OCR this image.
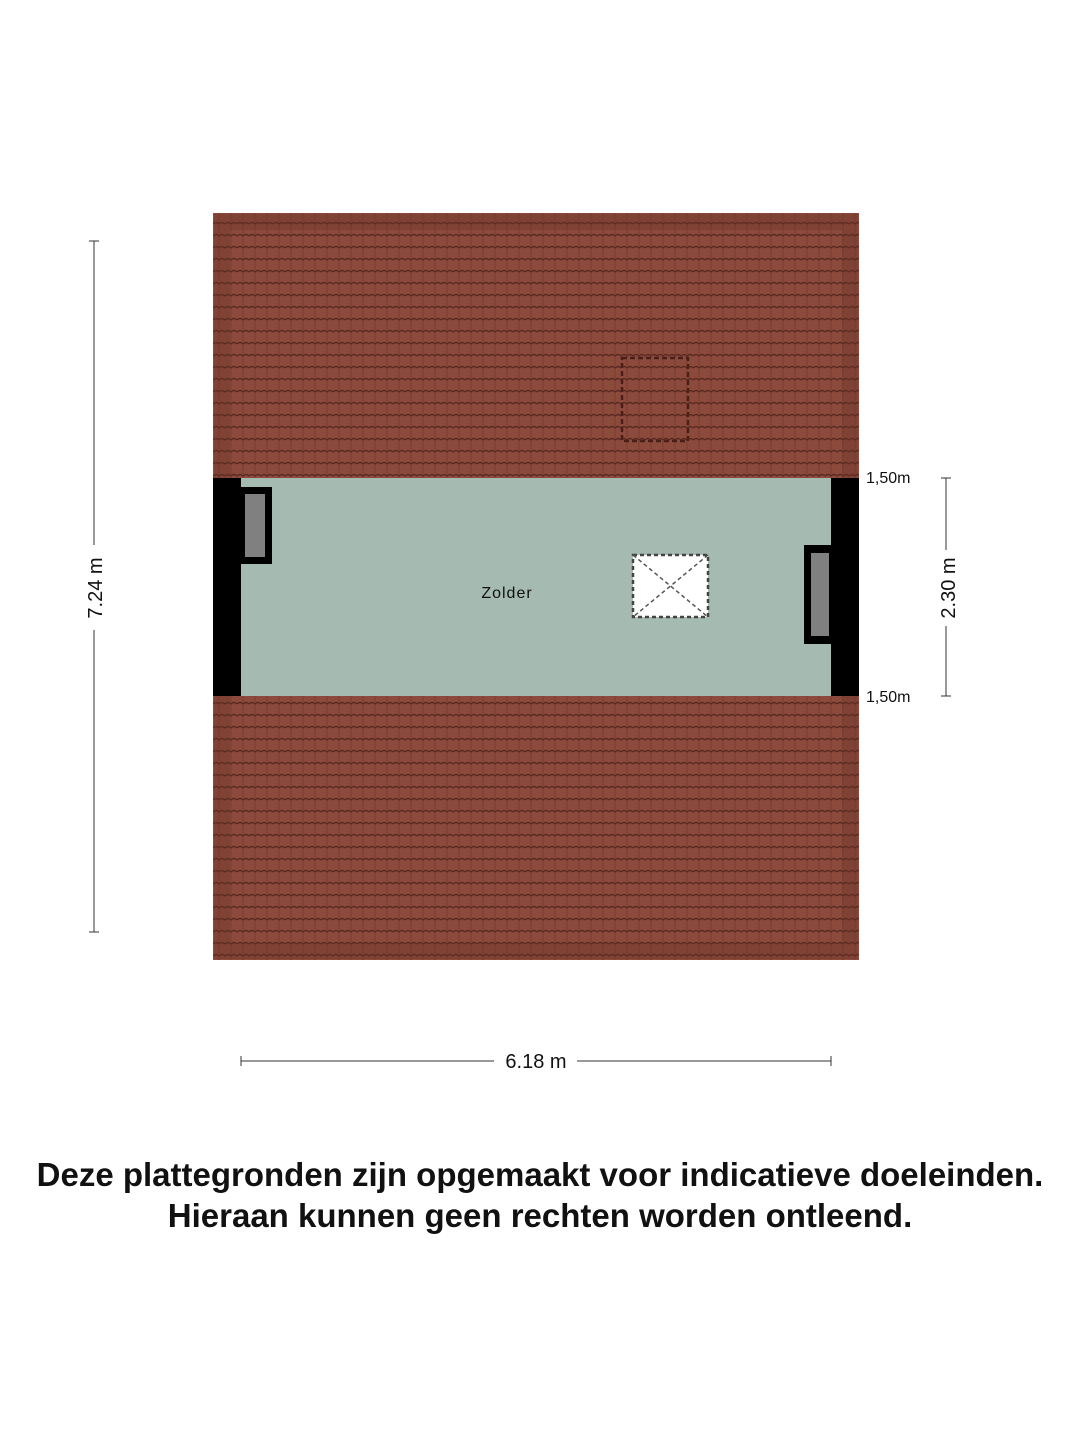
Zolder
7.24 m
6.18 m
2.30 m
1,50m
1,50m
Deze plattegronden zijn opgemaakt voor indicatieve doeleinden.
Hieraan kunnen geen rechten worden ontleend.
